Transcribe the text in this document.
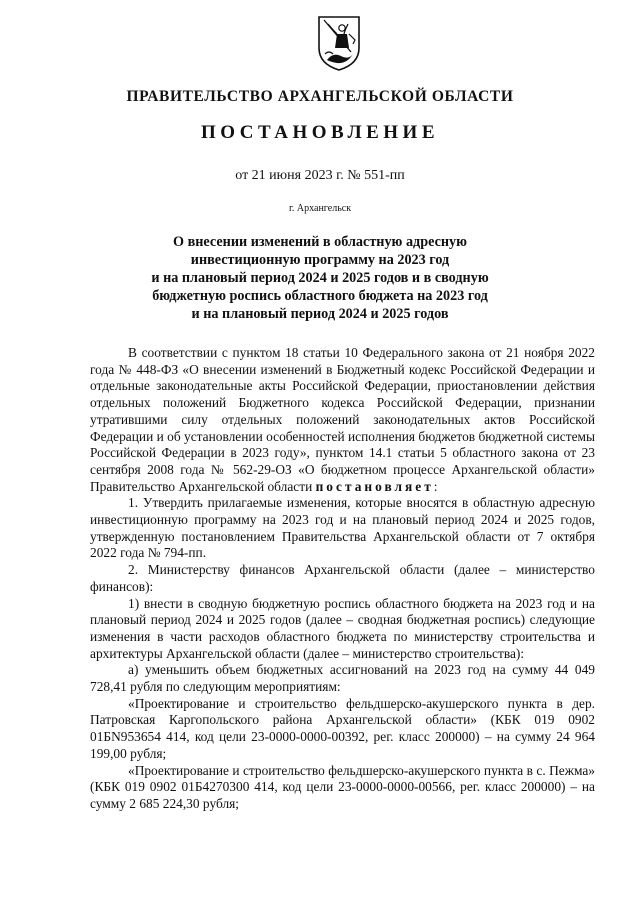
ПРАВИТЕЛЬСТВО АРХАНГЕЛЬСКОЙ ОБЛАСТИ
ПОСТАНОВЛЕНИЕ
от 21 июня 2023 г. № 551-пп
г. Архангельск
О внесении изменений в областную адресную
инвестиционную программу на 2023 год
и на плановый период 2024 и 2025 годов и в сводную
бюджетную роспись областного бюджета на 2023 год
и на плановый период 2024 и 2025 годов

В соответствии с пунктом 18 статьи 10 Федерального закона от 21 ноября 2022 года № 448-ФЗ «О внесении изменений в Бюджетный кодекс Российской Федерации и отдельные законодательные акты Российской Федерации, приостановлении действия отдельных положений Бюджетного кодекса Российской Федерации, признании утратившими силу отдельных положений законодательных актов Российской Федерации и об установлении особенностей исполнения бюджетов бюджетной системы Российской Федерации в 2023 году», пунктом 14.1 статьи 5 областного закона от 23 сентября 2008 года № 562-29-ОЗ «О бюджетном процессе Архангельской области» Правительство Архангельской области постановляет:

1. Утвердить прилагаемые изменения, которые вносятся в областную адресную инвестиционную программу на 2023 год и на плановый период 2024 и 2025 годов, утвержденную постановлением Правительства Архангельской области от 7 октября 2022 года № 794-пп.

2. Министерству финансов Архангельской области (далее – министерство финансов):

1) внести в сводную бюджетную роспись областного бюджета на 2023 год и на плановый период 2024 и 2025 годов (далее – сводная бюджетная роспись) следующие изменения в части расходов областного бюджета по министерству строительства и архитектуры Архангельской области (далее – министерство строительства):

а) уменьшить объем бюджетных ассигнований на 2023 год на сумму 44 049 728,41 рубля по следующим мероприятиям:

«Проектирование и строительство фельдшерско-акушерского пункта в дер. Патровская Каргопольского района Архангельской области» (КБК 019 0902 01БN953654 414, код цели 23-0000-0000-00392, рег. класс 200000) – на сумму 24 964 199,00 рубля;

«Проектирование и строительство фельдшерско-акушерского пункта в с. Пежма» (КБК 019 0902 01Б4270300 414, код цели 23-0000-0000-00566, рег. класс 200000) – на сумму 2 685 224,30 рубля;
